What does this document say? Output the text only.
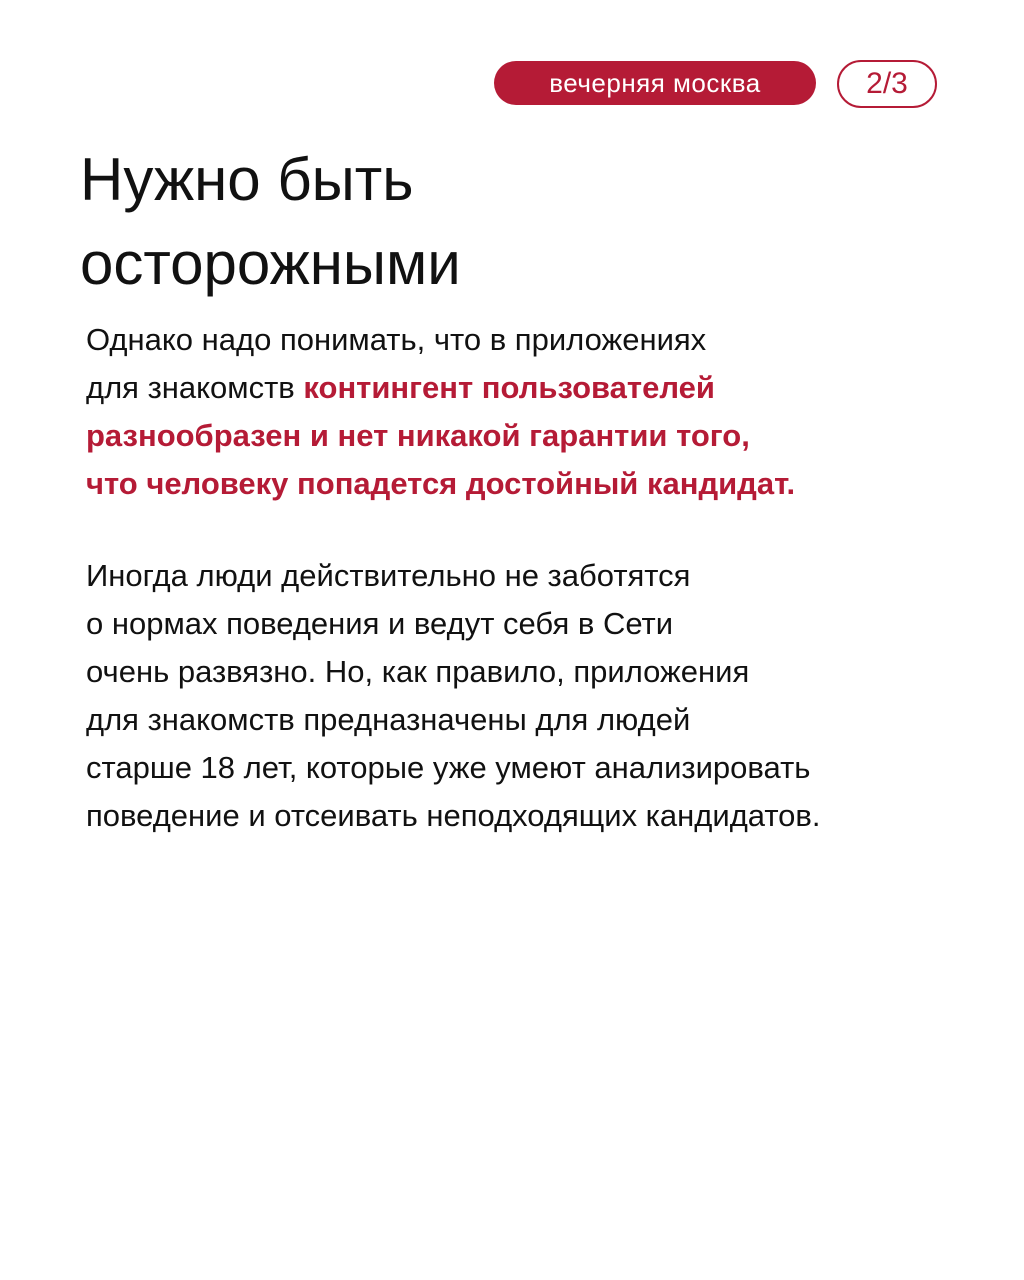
вечерняя москва	2/3
Нужно быть
осторожными

Однако надо понимать, что в приложениях
для знакомств контингент пользователей
разнообразен и нет никакой гарантии того,
что человеку попадется достойный кандидат.

Иногда люди действительно не заботятся
о нормах поведения и ведут себя в Сети
очень развязно. Но, как правило, приложения
для знакомств предназначены для людей
старше 18 лет, которые уже умеют анализировать
поведение и отсеивать неподходящих кандидатов.
